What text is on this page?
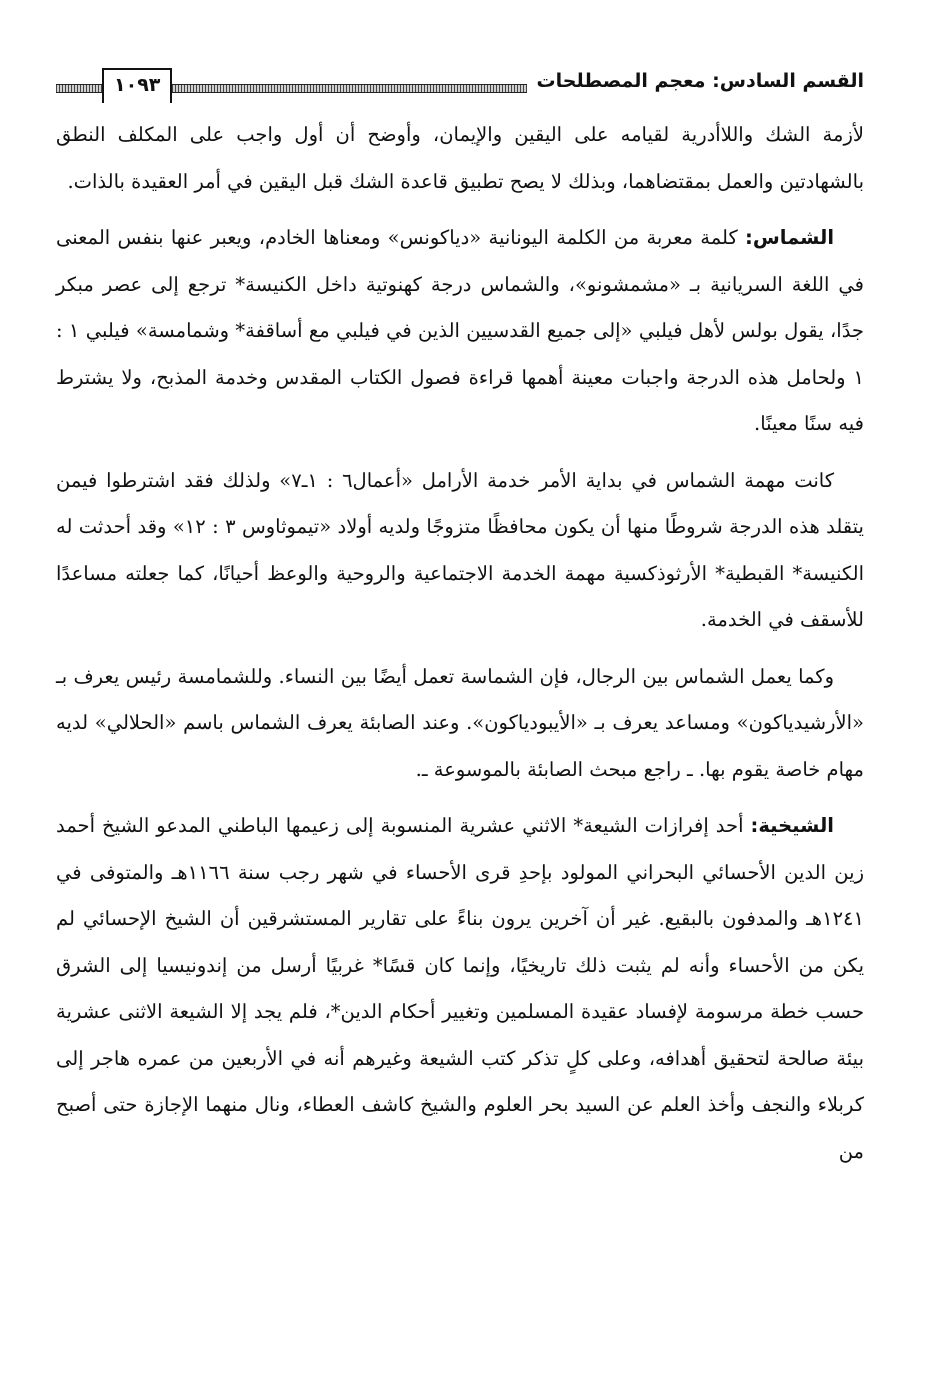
القسم السادس: معجم المصطلحات
١٠٩٣

لأزمة الشك واللاأدرية لقيامه على اليقين والإيمان، وأوضح أن أول واجب على المكلف النطق بالشهادتين والعمل بمقتضاهما، وبذلك لا يصح تطبيق قاعدة الشك قبل اليقين في أمر العقيدة بالذات.

الشماس: كلمة معربة من الكلمة اليونانية «دياكونس» ومعناها الخادم، ويعبر عنها بنفس المعنى في اللغة السريانية بـ «مشمشونو»، والشماس درجة كهنوتية داخل الكنيسة* ترجع إلى عصر مبكر جدًا، يقول بولس لأهل فيلبي «إلى جميع القدسيين الذين في فيلبي مع أساقفة* وشمامسة» فيلبي ١ : ١ ولحامل هذه الدرجة واجبات معينة أهمها قراءة فصول الكتاب المقدس وخدمة المذبح، ولا يشترط فيه سنًا معينًا.

كانت مهمة الشماس في بداية الأمر خدمة الأرامل «أعمال٦ : ١ـ٧» ولذلك فقد اشترطوا فيمن يتقلد هذه الدرجة شروطًا منها أن يكون محافظًا متزوجًا ولديه أولاد «تيموثاوس ٣ : ١٢» وقد أحدثت له الكنيسة* القبطية* الأرثوذكسية مهمة الخدمة الاجتماعية والروحية والوعظ أحيانًا، كما جعلته مساعدًا للأسقف في الخدمة.

وكما يعمل الشماس بين الرجال، فإن الشماسة تعمل أيضًا بين النساء. وللشمامسة رئيس يعرف بـ «الأرشيدياكون» ومساعد يعرف بـ «الأيبودياكون». وعند الصابئة يعرف الشماس باسم «الحلالي» لديه مهام خاصة يقوم بها. ـ راجع مبحث الصابئة بالموسوعة ـ.

الشيخية: أحد إفرازات الشيعة* الاثني عشرية المنسوبة إلى زعيمها الباطني المدعو الشيخ أحمد زين الدين الأحسائي البحراني المولود بإحدِ قرى الأحساء في شهر رجب سنة ١١٦٦هـ والمتوفى في ١٢٤١هـ والمدفون بالبقيع. غير أن آخرين يرون بناءً على تقارير المستشرقين أن الشيخ الإحسائي لم يكن من الأحساء وأنه لم يثبت ذلك تاريخيًا، وإنما كان قسًا* غربيًا أرسل من إندونيسيا إلى الشرق حسب خطة مرسومة لإفساد عقيدة المسلمين وتغيير أحكام الدين*، فلم يجد إلا الشيعة الاثنى عشرية بيئة صالحة لتحقيق أهدافه، وعلى كلٍ تذكر كتب الشيعة وغيرهم أنه في الأربعين من عمره هاجر إلى كربلاء والنجف وأخذ العلم عن السيد بحر العلوم والشيخ كاشف العطاء، ونال منهما الإجازة حتى أصبح من
